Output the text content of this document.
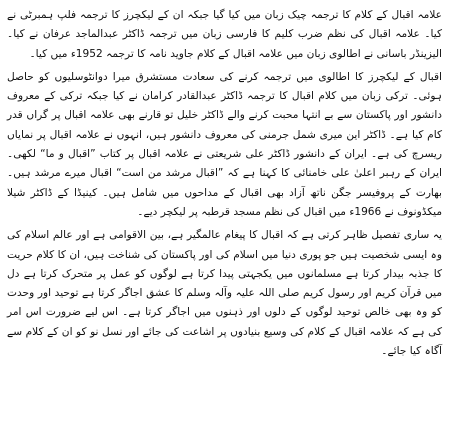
علامہ اقبال کے کلام کا ترجمہ چیک زبان میں کیا گیا جبکہ ان کے لیکچرز کا ترجمہ فلپ ہمبرٹی نے کیا۔ علامہ اقبال کی نظم ضرب کلیم کا فارسی زبان میں ترجمہ ڈاکٹر عبدالماجد عرفان نے کیا۔ الیزینڈر باسانی نے اطالوی زبان میں علامہ اقبال کے کلام جاوید نامہ کا ترجمہ 1952ء میں کیا۔

اقبال کے لیکچرز کا اطالوی میں ترجمہ کرنے کی سعادت مستشرق میرا دوانٹوسلیوں کو حاصل ہوئی۔ ترکی زبان میں کلام اقبال کا ترجمہ ڈاکٹر عبدالقادر کرامان نے کیا جبکہ ترکی کے معروف دانشور اور پاکستان سے بے انتہا محبت کرنے والے ڈاکٹر خلیل تو قارنے بھی علامہ اقبال پر گراں قدر کام کیا ہے۔ ڈاکٹر این میری شمل جرمنی کی معروف دانشور ہیں، انہوں نے علامہ اقبال پر نمایاں ریسرچ کی ہے۔ ایران کے دانشور ڈاکٹر علی شریعتی نے علامہ اقبال پر کتاب ”اقبال و ما“ لکھی۔ ایران کے رہبر اعلیٰ علی خامنائی کا کہنا ہے کہ ”اقبال مرشد من است“ اقبال میرے مرشد ہیں۔ بھارت کے پروفیسر جگن ناتھ آزاد بھی اقبال کے مداحوں میں شامل ہیں۔ کینیڈا کے ڈاکٹر شیلا میکڈونوف نے 1966ء میں اقبال کی نظم مسجد قرطبہ پر لیکچر دیے۔

یہ ساری تفصیل ظاہر کرتی ہے کہ اقبال کا پیغام عالمگیر ہے، بین الاقوامی ہے اور عالم اسلام کی وہ ایسی شخصیت ہیں جو پوری دنیا میں اسلام کی اور پاکستان کی شناخت ہیں، ان کا کلام حریت کا جذبہ بیدار کرتا ہے مسلمانوں میں یکجہتی پیدا کرتا ہے لوگوں کو عمل پر متحرک کرتا ہے دل میں قرآن کریم اور رسول کریم صلی اللہ علیہ وآلہ وسلم کا عشق اجاگر کرتا ہے توحید اور وحدت کو وہ بھی خالص توحید لوگوں کے دلوں اور ذہنوں میں اجاگر کرتا ہے۔ اس لیے ضرورت اس امر کی ہے کہ علامہ اقبال کے کلام کی وسیع بنیادوں پر اشاعت کی جائے اور نسل نو کو ان کے کلام سے آگاہ کیا جائے۔
